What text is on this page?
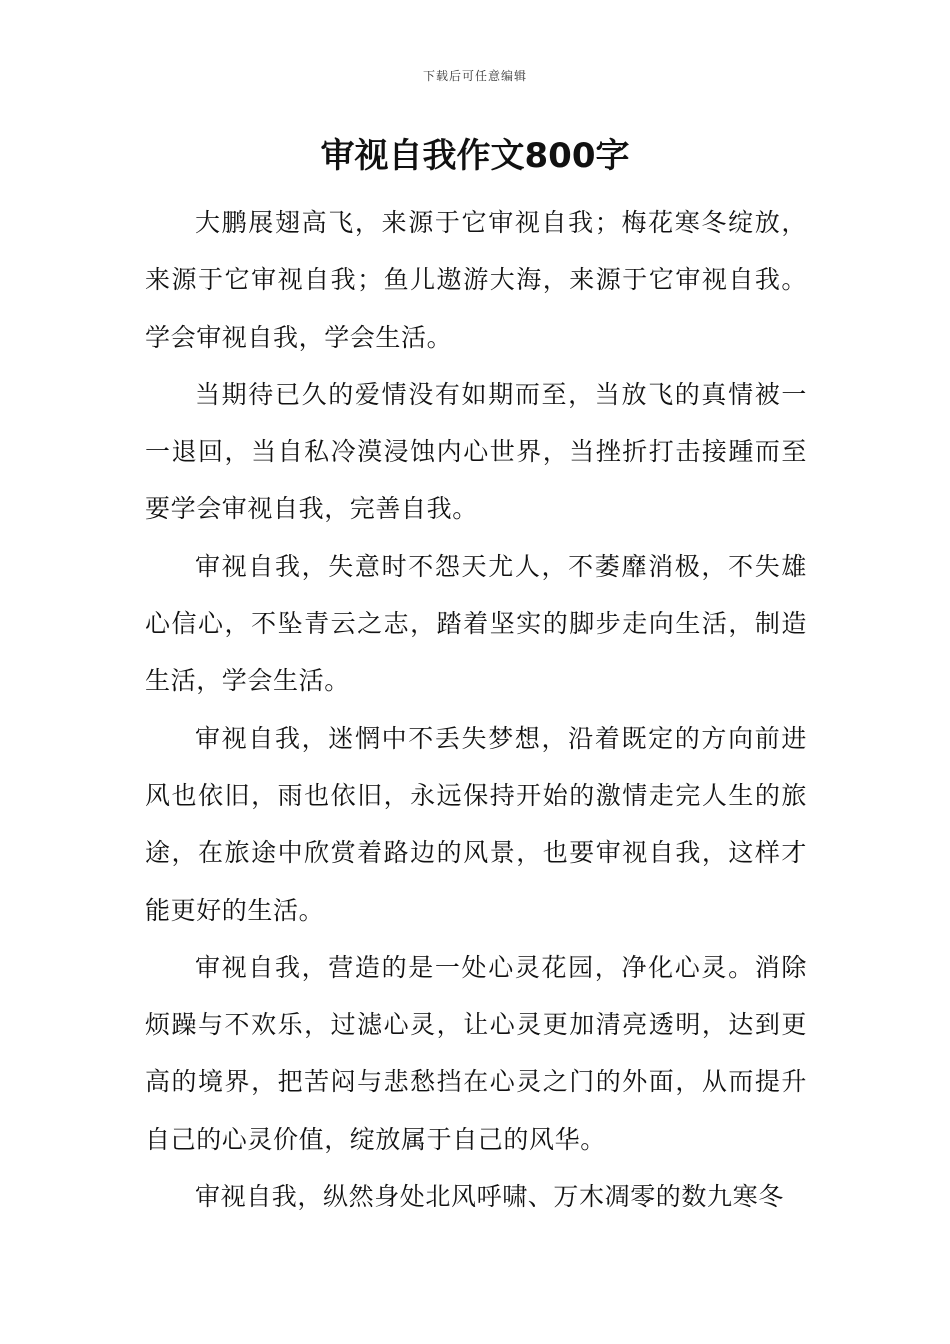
下载后可任意编辑
审视自我作文800字

大鹏展翅高飞，来源于它审视自我；梅花寒冬绽放，来源于它审视自我；鱼儿遨游大海，来源于它审视自我。学会审视自我，学会生活。

当期待已久的爱情没有如期而至，当放飞的真情被一一退回，当自私冷漠浸蚀内心世界，当挫折打击接踵而至要学会审视自我，完善自我。

审视自我，失意时不怨天尤人，不萎靡消极，不失雄心信心，不坠青云之志，踏着坚实的脚步走向生活，制造生活，学会生活。

审视自我，迷惘中不丢失梦想，沿着既定的方向前进风也依旧，雨也依旧，永远保持开始的激情走完人生的旅途，在旅途中欣赏着路边的风景，也要审视自我，这样才能更好的生活。

审视自我，营造的是一处心灵花园，净化心灵。消除烦躁与不欢乐，过滤心灵，让心灵更加清亮透明，达到更高的境界，把苦闷与悲愁挡在心灵之门的外面，从而提升自己的心灵价值，绽放属于自己的风华。

审视自我，纵然身处北风呼啸、万木凋零的数九寒冬
